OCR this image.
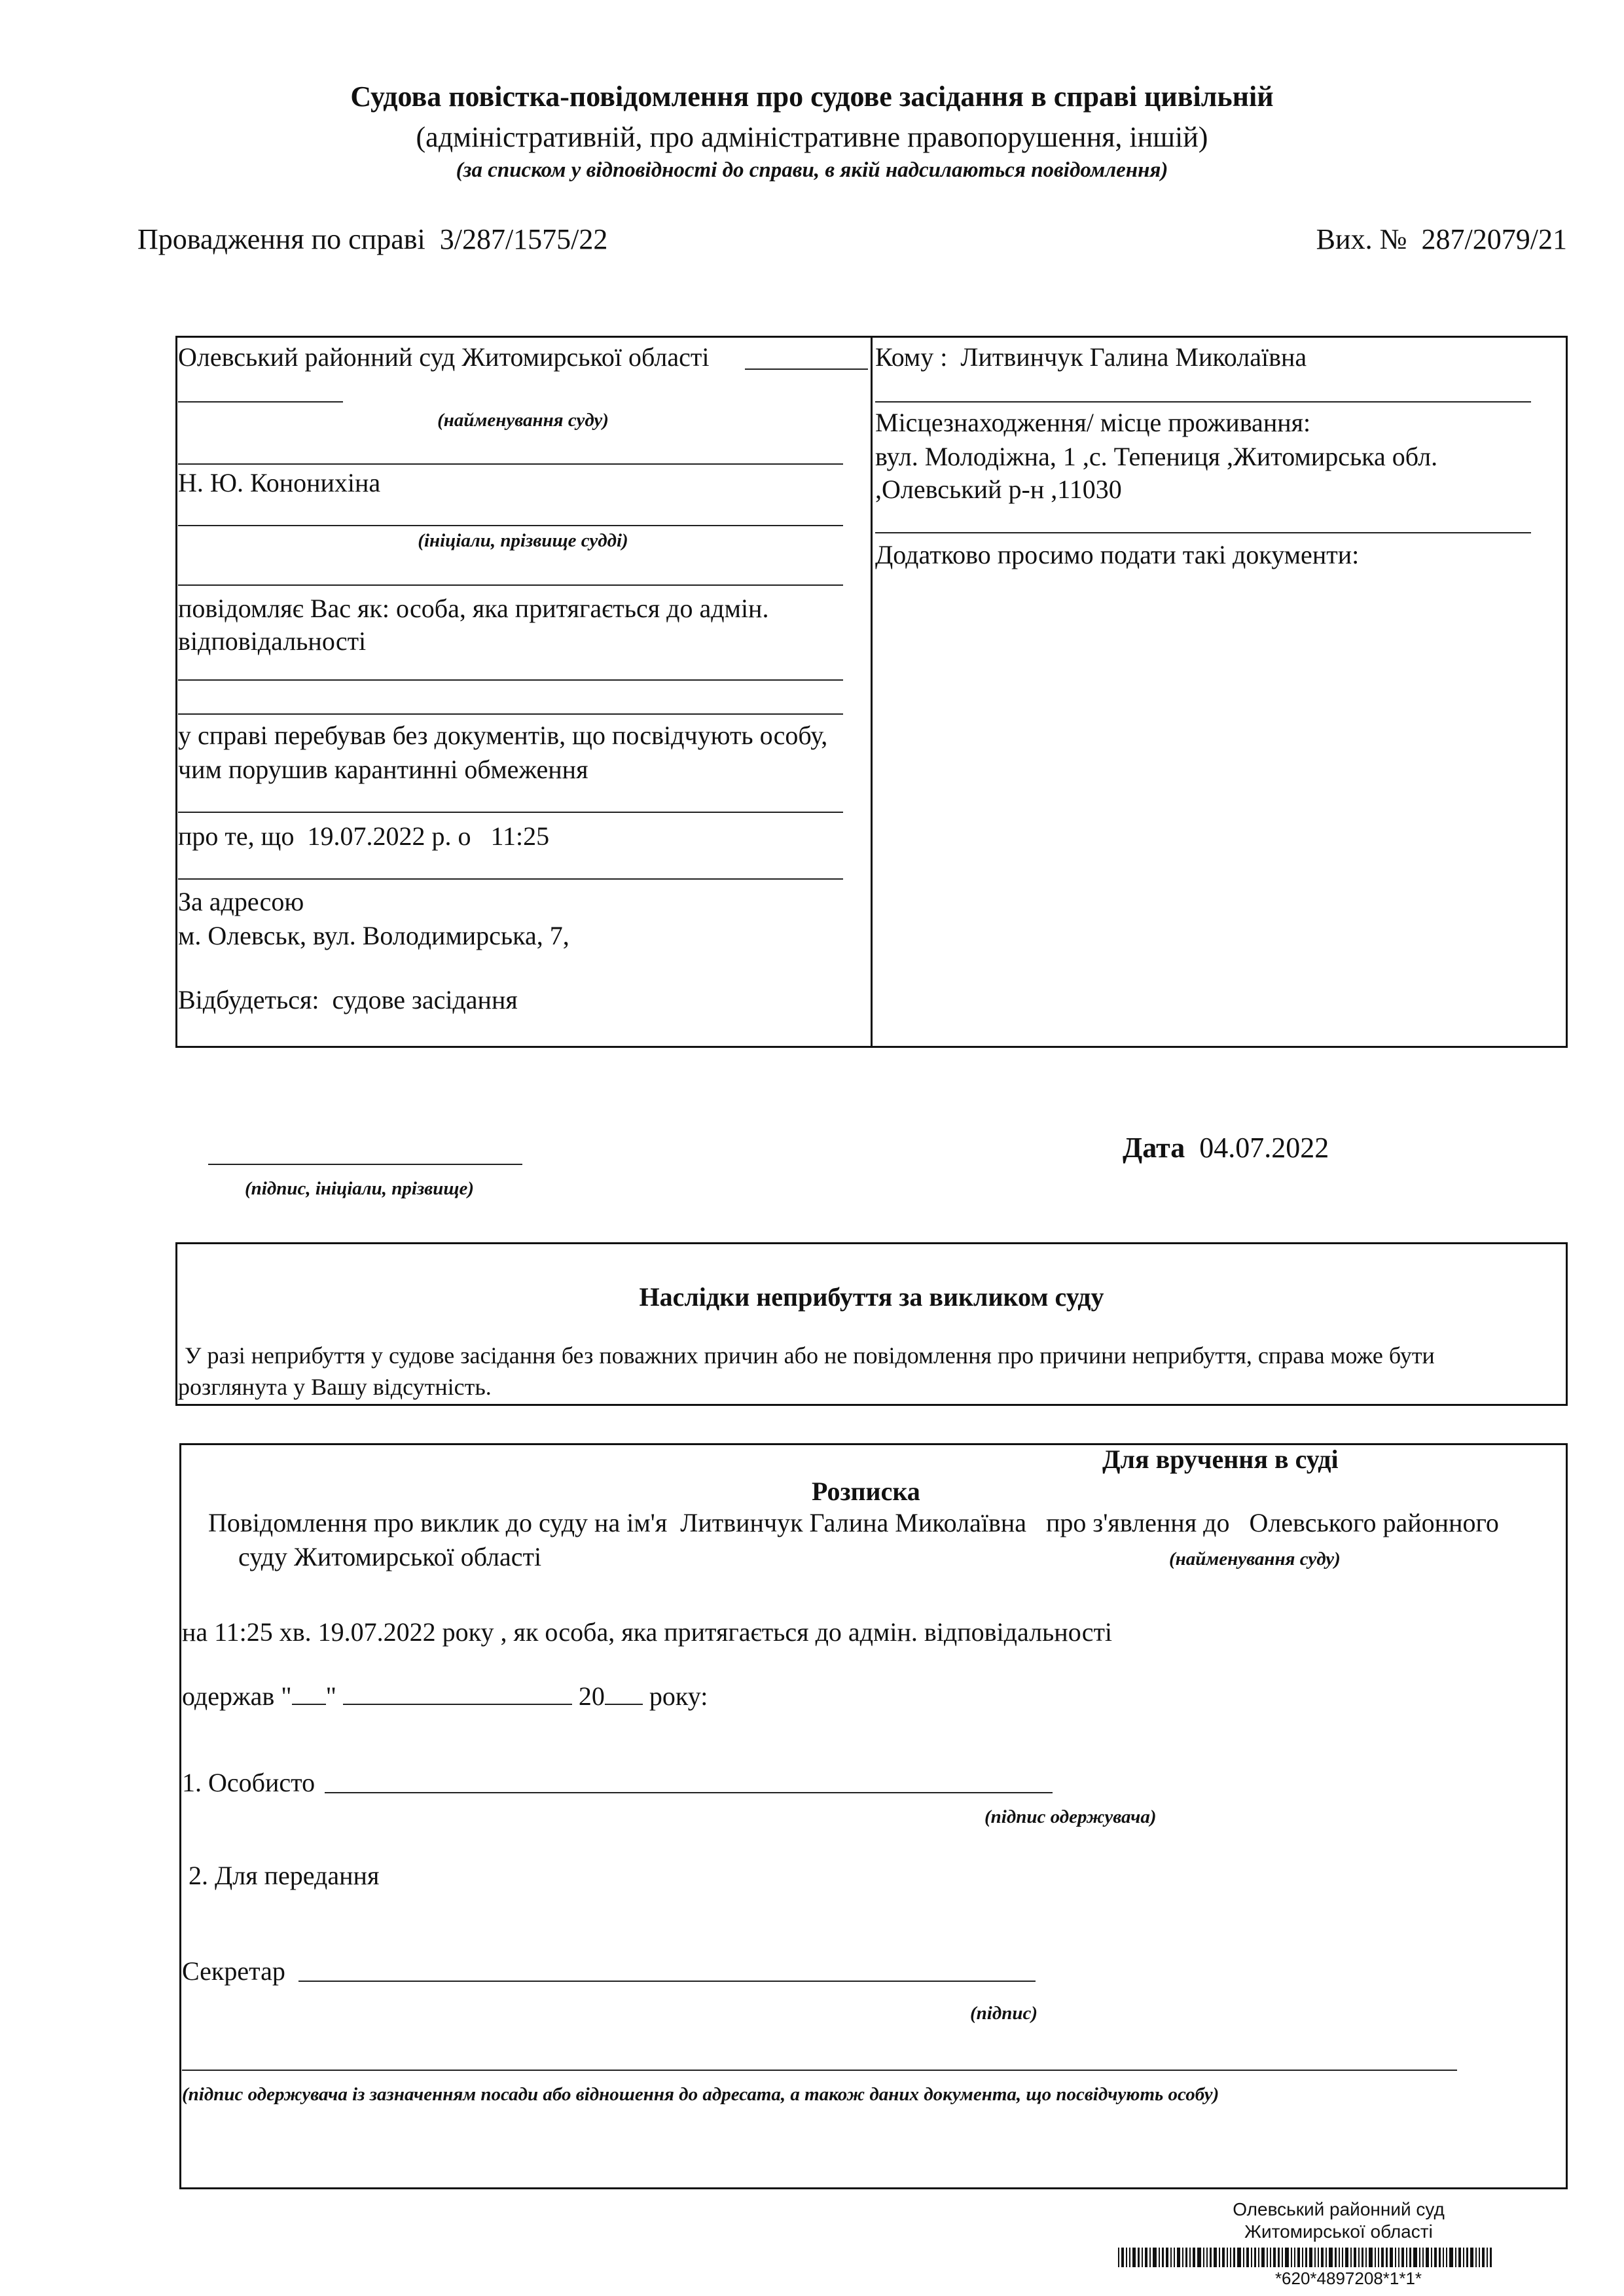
Судова повістка-повідомлення про судове засідання в справі цивільній
(адміністративній, про адміністративне правопорушення, іншій)
(за списком у відповідності до справи, в якій надсилаються повідомлення)
Провадження по справі 3/287/1575/22	Вих. № 287/2079/21
Олевський районний суд Житомирської області
(найменування суду)
Н. Ю. Кононихіна
(ініціали, прізвище судді)
повідомляє Вас як: особа, яка притягається до адмін.
відповідальності
у справі перебував без документів, що посвідчують особу,
чим порушив карантинні обмеження
про те, що 19.07.2022 р. о 11:25
За адресою
м. Олевськ, вул. Володимирська, 7,
Відбудеться: судове засідання
Кому : Литвинчук Галина Миколаївна
Місцезнаходження/ місце проживання:
вул. Молодіжна, 1 ,с. Тепениця ,Житомирська обл.
,Олевський р-н ,11030
Додатково просимо подати такі документи:
(підпис, ініціали, прізвище)
Дата 04.07.2022
Наслідки неприбуття за викликом суду
У разі неприбуття у судове засідання без поважних причин або не повідомлення про причини неприбуття, справа може бути
розглянута у Вашу відсутність.
Для вручення в суді
Розписка
Повідомлення про виклик до суду на ім'я Литвинчук Галина Миколаївна про з'явлення до Олевського районного
суду Житомирської області	(найменування суду)
на 11:25 хв. 19.07.2022 року , як особа, яка притягається до адмін. відповідальності
одержав " "	20 року:
1. Особисто
(підпис одержувача)
2. Для передання
Секретар
(підпис)
(підпис одержувача із зазначенням посади або відношення до адресата, а також даних документа, що посвідчують особу)
Олевський районний суд
Житомирської області
*620*4897208*1*1*
